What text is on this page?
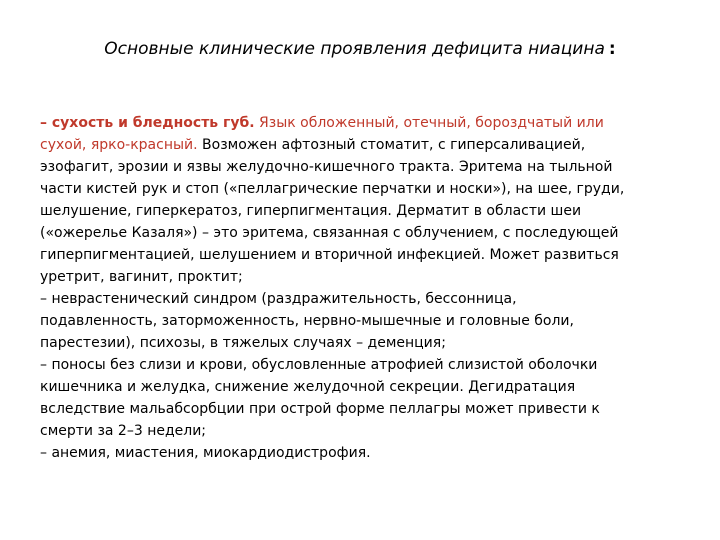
Основные клинические проявления дефицита ниацина :
– сухость и бледность губ. Язык обложенный, отечный, бороздчатый или
сухой, ярко-красный. Возможен афтозный стоматит, с гиперсаливацией,
эзофагит, эрозии и язвы желудочно-кишечного тракта. Эритема на тыльной
части кистей рук и стоп («пеллагрические перчатки и носки»), на шее, груди,
шелушение, гиперкератоз, гиперпигментация. Дерматит в области шеи
(«ожерелье Казаля») – это эритема, связанная с облучением, с последующей
гиперпигментацией, шелушением и вторичной инфекцией. Может развиться
уретрит, вагинит, проктит;
– неврастенический синдром (раздражительность, бессонница,
подавленность, заторможенность, нервно-мышечные и головные боли,
парестезии), психозы, в тяжелых случаях – деменция;
– поносы без слизи и крови, обусловленные атрофией слизистой оболочки
кишечника и желудка, снижение желудочной секреции. Дегидратация
вследствие мальабсорбции при острой форме пеллагры может привести к
смерти за 2–3 недели;
– анемия, миастения, миокардиодистрофия.
